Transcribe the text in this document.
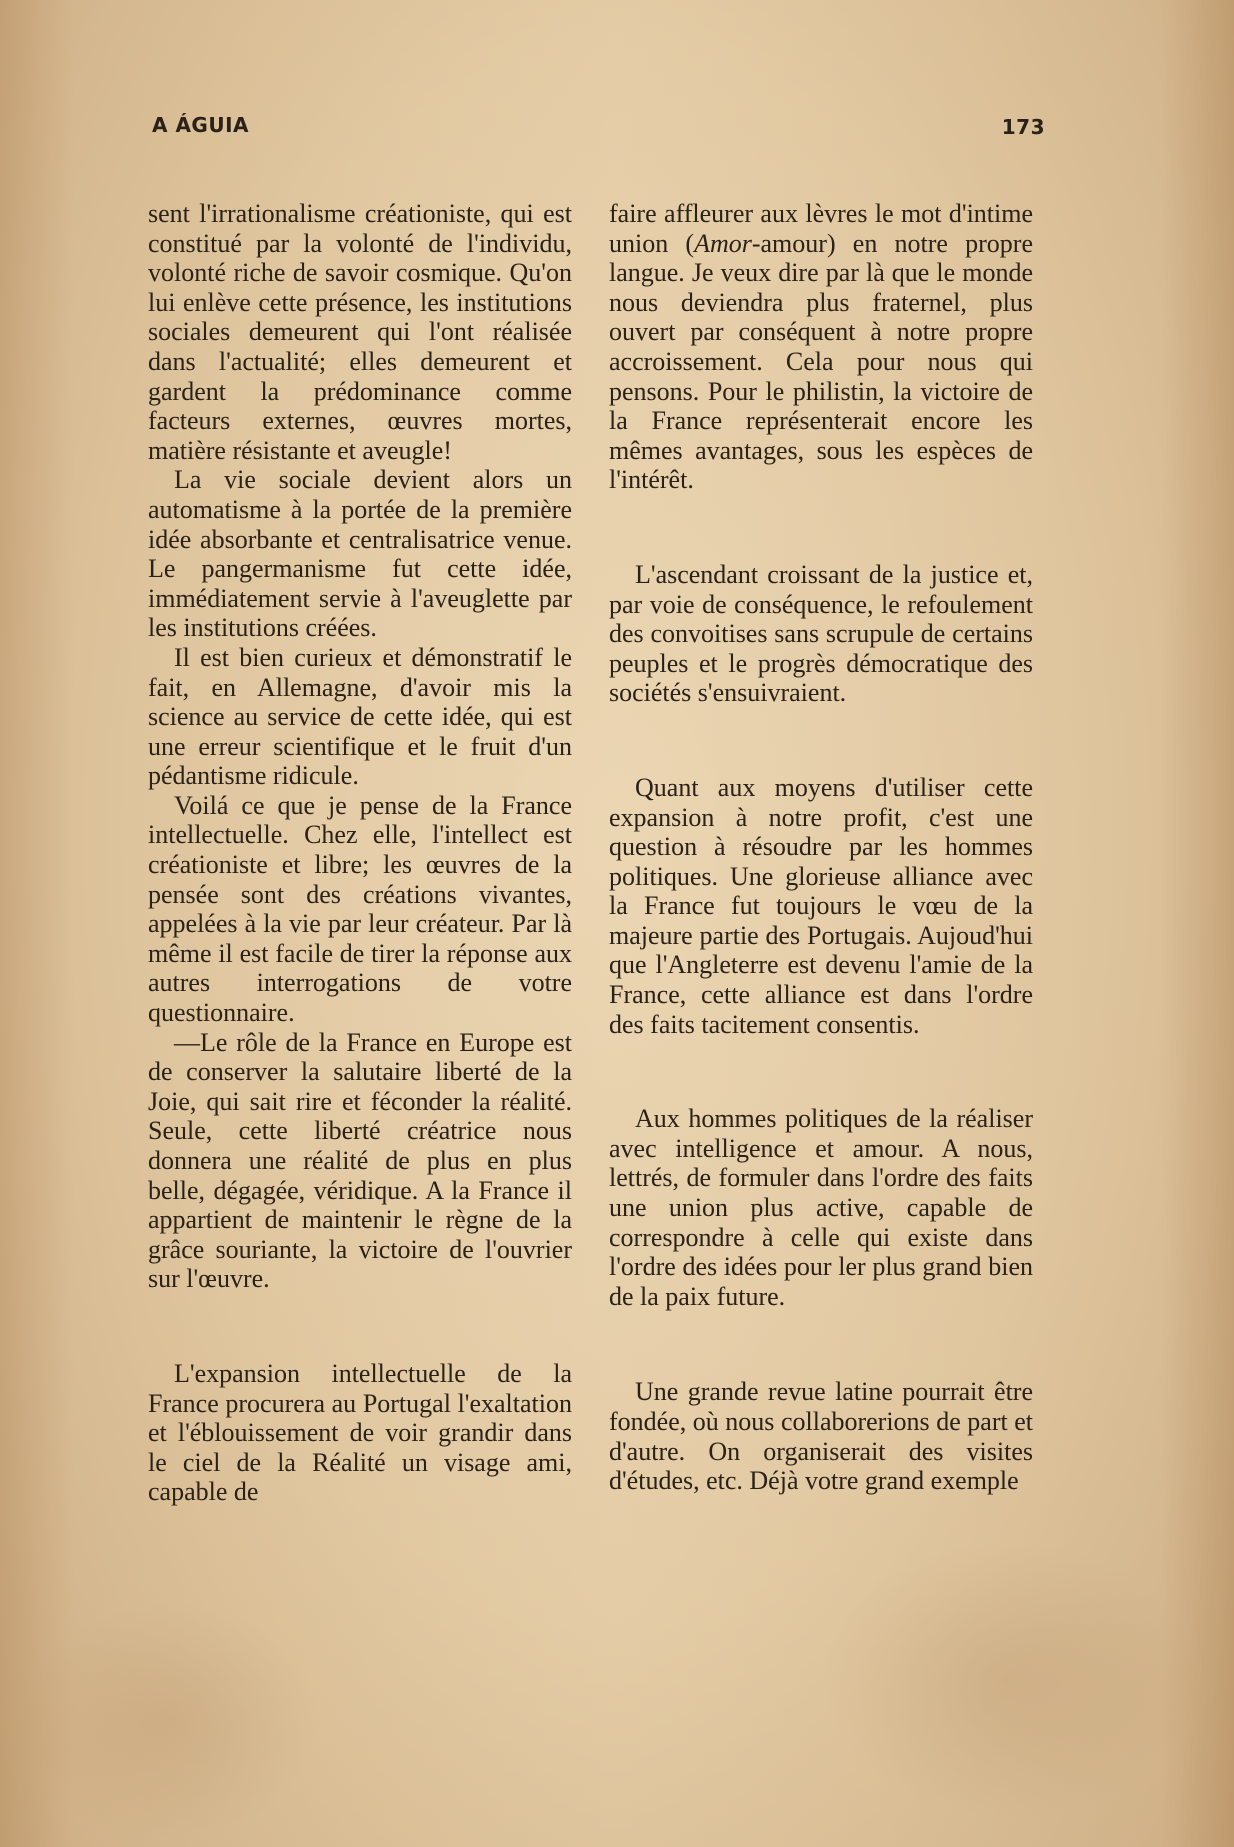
A ÁGUIA	173

sent l'irrationalisme créationiste, qui est constitué par la volonté de l'individu, volonté riche de savoir cosmique. Qu'on lui enlève cette présence, les institutions sociales demeurent qui l'ont réalisée dans l'actualité; elles demeurent et gardent la prédominance comme facteurs externes, œuvres mortes, matière résistante et aveugle!

La vie sociale devient alors un automatisme à la portée de la première idée absorbante et centralisatrice venue. Le pangermanisme fut cette idée, immédiatement servie à l'aveuglette par les institutions créées.

Il est bien curieux et démonstratif le fait, en Allemagne, d'avoir mis la science au service de cette idée, qui est une erreur scientifique et le fruit d'un pédantisme ridicule.

Voilá ce que je pense de la France intellectuelle. Chez elle, l'intellect est créationiste et libre; les œuvres de la pensée sont des créations vivantes, appelées à la vie par leur créateur. Par là même il est facile de tirer la réponse aux autres interrogations de votre questionnaire.

—Le rôle de la France en Europe est de conserver la salutaire liberté de la Joie, qui sait rire et féconder la réalité. Seule, cette liberté créatrice nous donnera une réalité de plus en plus belle, dégagée, véridique. A la France il appartient de maintenir le règne de la grâce souriante, la victoire de l'ouvrier sur l'œuvre.

L'expansion intellectuelle de la France procurera au Portugal l'exaltation et l'éblouissement de voir grandir dans le ciel de la Réalité un visage ami, capable de

faire affleurer aux lèvres le mot d'intime union (Amor-amour) en notre propre langue. Je veux dire par là que le monde nous deviendra plus fraternel, plus ouvert par conséquent à notre propre accroissement. Cela pour nous qui pensons. Pour le philistin, la victoire de la France représenterait encore les mêmes avantages, sous les espèces de l'intérêt.

L'ascendant croissant de la justice et, par voie de conséquence, le refoulement des convoitises sans scrupule de certains peuples et le progrès démocratique des sociétés s'ensuivraient.

Quant aux moyens d'utiliser cette expansion à notre profit, c'est une question à résoudre par les hommes politiques. Une glorieuse alliance avec la France fut toujours le vœu de la majeure partie des Portugais. Aujoud'hui que l'Angleterre est devenu l'amie de la France, cette alliance est dans l'ordre des faits tacitement consentis.

Aux hommes politiques de la réaliser avec intelligence et amour. A nous, lettrés, de formuler dans l'ordre des faits une union plus active, capable de correspondre à celle qui existe dans l'ordre des idées pour ler plus grand bien de la paix future.

Une grande revue latine pourrait être fondée, où nous collaborerions de part et d'autre. On organiserait des visites d'études, etc. Déjà votre grand exemple
